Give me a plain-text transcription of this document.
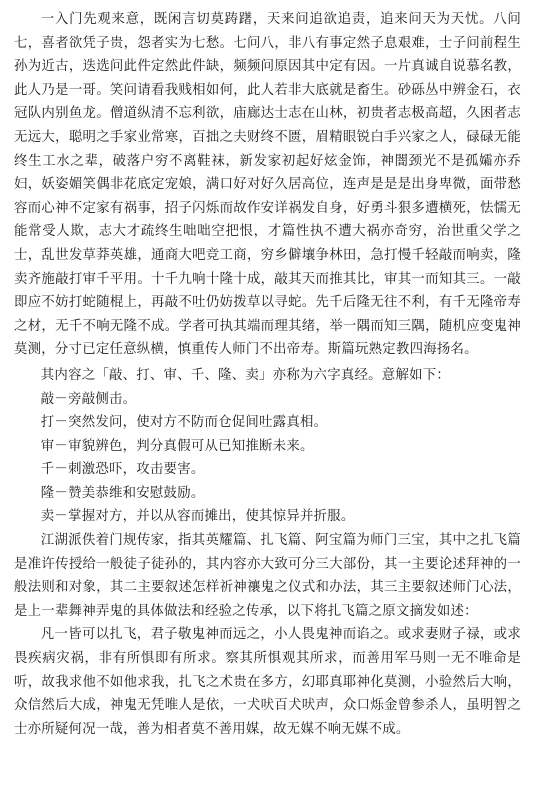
一入门先观来意，既闲言切莫踌躇，天来问追欲追责，追来问天为天忧。八问七，喜者欲凭子贵，怨者实为七愁。七问八，非八有事定然子息艰难，士子问前程生孙为近古，迭选问此件定然此件缺，频频问原因其中定有因。一片真诚自说慕名教，此人乃是一哥。笑问请看我贱相如何，此人若非大底就是畜生。砂砾丛中辨金石，衣冠队内别鱼龙。僧道纵清不忘利欲，庙廊达士志在山林，初贵者志极高超，久困者志无远大，聪明之手家业常寒，百拙之夫财终不匮，眉精眼锐白手兴家之人，碌碌无能终生工水之辈，破落户穷不离鞋袜，新发家初起好炫金饰，神闇颈光不是孤孀亦乔妇，妖姿媚笑偶非花底定宠娘，满口好对好久居高位，连声是是是出身卑微，面带愁容而心神不定家有祸事，招子闪烁而故作安详祸发自身，好勇斗狠多遭横死，怯懦无能常受人欺，志大才疏终生咄咄空把恨，才篇性执不遭大祸亦奇穷，治世重父学之士，乱世发草莽英雄，通商大吧竞工商，穷乡僻壤争林田，急打慢千轻敲而响卖，隆卖齐施敲打审千平用。十千九响十隆十成，敲其天而推其比，审其一而知其三。一敲即应不妨打蛇随棍上，再敲不吐仍妨拨草以寻蛇。先千后隆无往不利，有千无隆帝寿之材，无千不响无隆不成。学者可执其端而理其绪，举一隅而知三隅，随机应变鬼神莫测，分寸已定任意纵横，慎重传人师门不出帝寿。斯篇玩熟定教四海扬名。

其内容之「敲、打、审、千、隆、卖」亦称为六字真经。意解如下：

敲－旁敲侧击。

打－突然发问，使对方不防而仓促间吐露真相。

审－审貌辨色，判分真假可从已知推断未来。

千－刺激恐吓，攻击要害。

隆－赞美恭维和安慰鼓励。

卖－掌握对方，并以从容而摊出，使其惊异并折服。

江湖派佚着门规传家，指其英耀篇、扎飞篇、阿宝篇为师门三宝，其中之扎飞篇是准许传授给一般徒子徒孙的，其内容亦大致可分三大部份，其一主要论述拜神的一般法则和对象，其二主要叙述怎样祈神禳鬼之仪式和办法，其三主要叙述师门心法，是上一辈舞神弄鬼的具体做法和经验之传承，以下将扎飞篇之原文摘发如述：

凡一皆可以扎飞，君子敬鬼神而远之，小人畏鬼神而谄之。或求妻财子禄，或求畏疾病灾祸，非有所惧即有所求。察其所惧观其所求，而善用军马则一无不唯命是听，故我求他不如他求我，扎飞之术贵在多方，幻耶真耶神化莫测，小验然后大响，众信然后大成，神鬼无凭唯人是依，一犬吠百犬吠声，众口烁金曾参杀人，虽明智之士亦所疑何况一哉，善为相者莫不善用媒，故无媒不响无媒不成。
